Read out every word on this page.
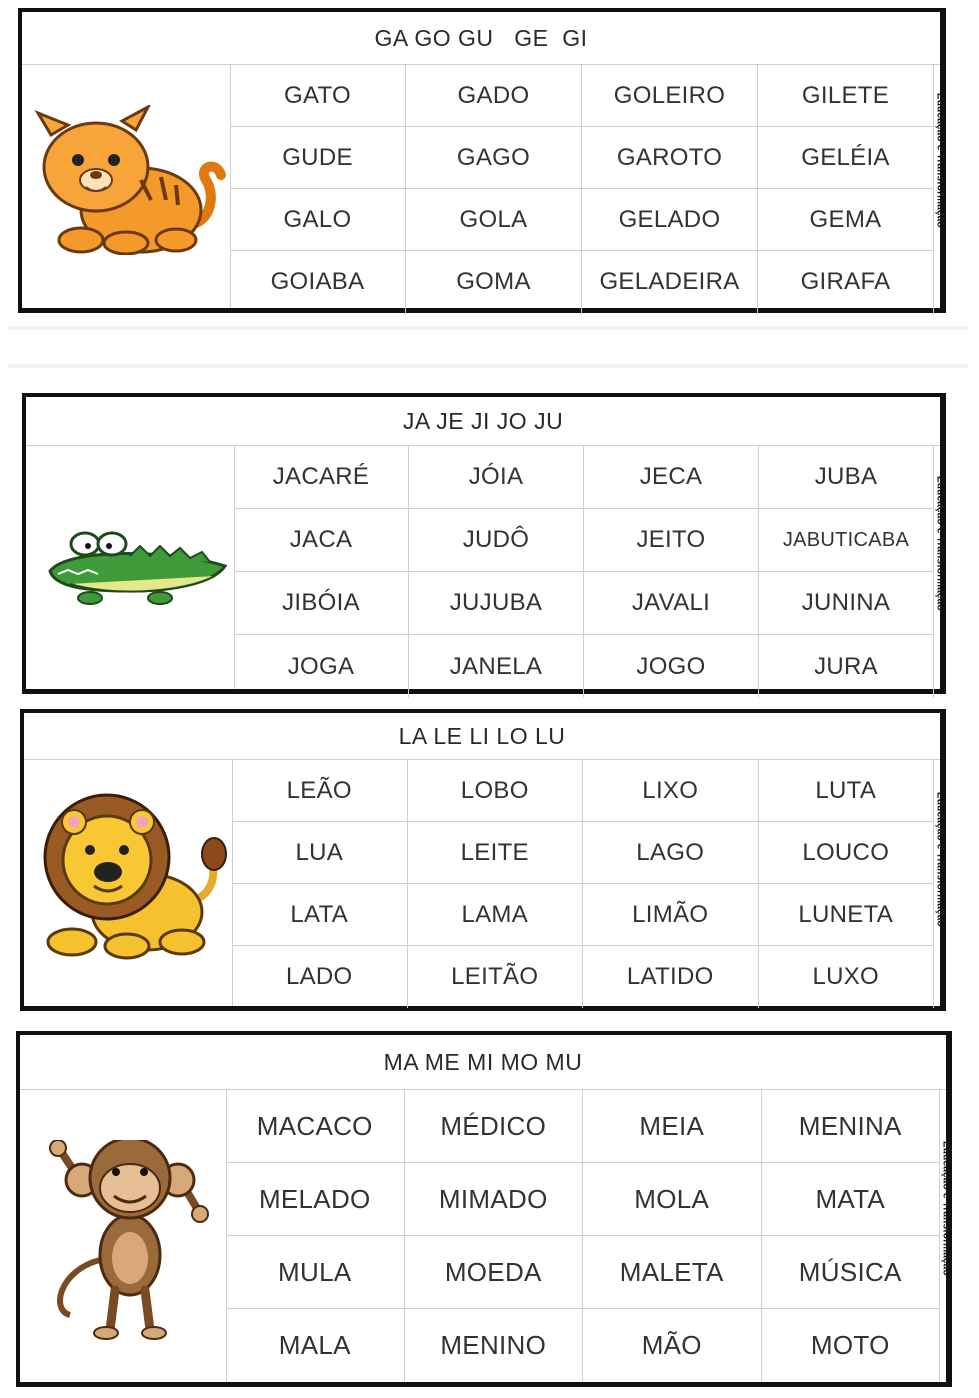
GA GO GU   GE  GI
GATO	GADO	GOLEIRO	GILETE
GUDE	GAGO	GAROTO	GELÉIA
GALO	GOLA	GELADO	GEMA
GOIABA	GOMA	GELADEIRA	GIRAFA
Educação e Transformação
JA JE JI JO JU
JACARÉ	JÓIA	JECA	JUBA
JACA	JUDÔ	JEITO	JABUTICABA
JIBÓIA	JUJUBA	JAVALI	JUNINA
JOGA	JANELA	JOGO	JURA
Educação e Transformação
LA LE LI LO LU
LEÃO	LOBO	LIXO	LUTA
LUA	LEITE	LAGO	LOUCO
LATA	LAMA	LIMÃO	LUNETA
LADO	LEITÃO	LATIDO	LUXO
Educação e Transformação
MA ME MI MO MU
MACACO	MÉDICO	MEIA	MENINA
MELADO	MIMADO	MOLA	MATA
MULA	MOEDA	MALETA	MÚSICA
MALA	MENINO	MÃO	MOTO
Educação e Transformação
